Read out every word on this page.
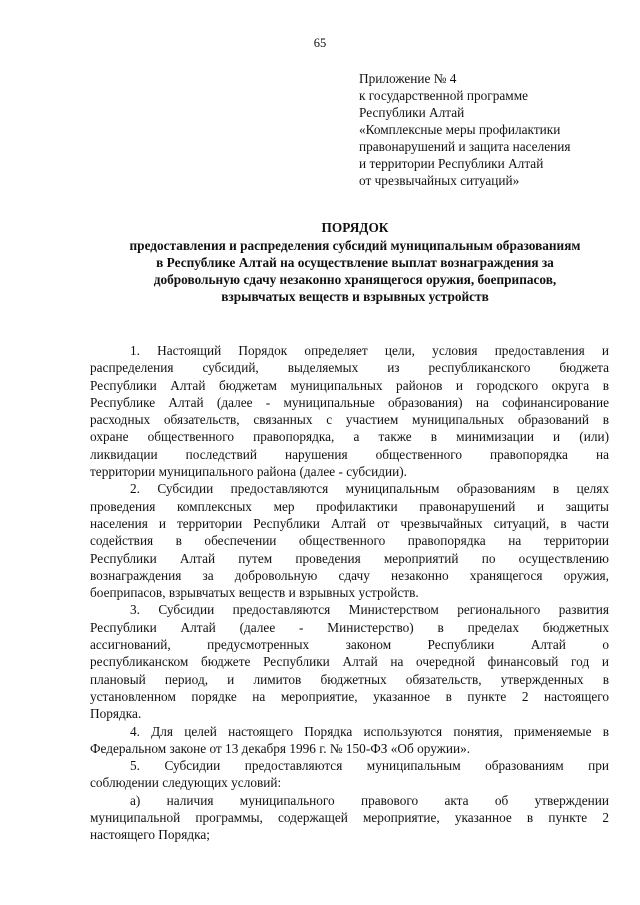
65
Приложение № 4
к государственной программе
Республики Алтай
«Комплексные меры профилактики
правонарушений и защита населения
и территории Республики Алтай
от чрезвычайных ситуаций»
ПОРЯДОК
предоставления и распределения субсидий муниципальным образованиям
в Республике Алтай на осуществление выплат вознаграждения за
добровольную сдачу незаконно хранящегося оружия, боеприпасов,
взрывчатых веществ и взрывных устройств
1. Настоящий Порядок определяет цели, условия предоставления и
распределения субсидий, выделяемых из республиканского бюджета
Республики Алтай бюджетам муниципальных районов и городского округа в
Республике Алтай (далее - муниципальные образования) на софинансирование
расходных обязательств, связанных с участием муниципальных образований в
охране общественного правопорядка, а также в минимизации и (или)
ликвидации последствий нарушения общественного правопорядка на
территории муниципального района (далее - субсидии).
2. Субсидии предоставляются муниципальным образованиям в целях
проведения комплексных мер профилактики правонарушений и защиты
населения и территории Республики Алтай от чрезвычайных ситуаций, в части
содействия в обеспечении общественного правопорядка на территории
Республики Алтай путем проведения мероприятий по осуществлению
вознаграждения за добровольную сдачу незаконно хранящегося оружия,
боеприпасов, взрывчатых веществ и взрывных устройств.
3. Субсидии предоставляются Министерством регионального развития
Республики Алтай (далее - Министерство) в пределах бюджетных
ассигнований, предусмотренных законом Республики Алтай о
республиканском бюджете Республики Алтай на очередной финансовый год и
плановый период, и лимитов бюджетных обязательств, утвержденных в
установленном порядке на мероприятие, указанное в пункте 2 настоящего
Порядка.
4. Для целей настоящего Порядка используются понятия, применяемые в
Федеральном законе от 13 декабря 1996 г. № 150-ФЗ «Об оружии».
5. Субсидии предоставляются муниципальным образованиям при
соблюдении следующих условий:
а) наличия муниципального правового акта об утверждении
муниципальной программы, содержащей мероприятие, указанное в пункте 2
настоящего Порядка;
